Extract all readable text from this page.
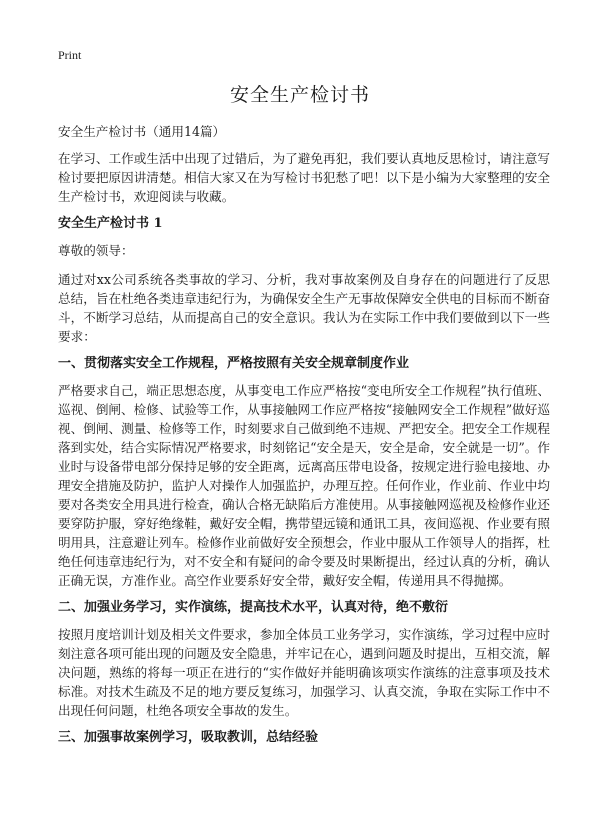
Print
安全生产检讨书

安全生产检讨书（通用14篇）

在学习、工作或生活中出现了过错后，为了避免再犯，我们要认真地反思检讨，请注意写检讨要把原因讲清楚。相信大家又在为写检讨书犯愁了吧！以下是小编为大家整理的安全生产检讨书，欢迎阅读与收藏。

安全生产检讨书 1

尊敬的领导：

通过对xx公司系统各类事故的学习、分析，我对事故案例及自身存在的问题进行了反思总结，旨在杜绝各类违章违纪行为，为确保安全生产无事故保障安全供电的目标而不断奋斗，不断学习总结，从而提高自己的安全意识。我认为在实际工作中我们要做到以下一些要求：

一、贯彻落实安全工作规程，严格按照有关安全规章制度作业

严格要求自己，端正思想态度，从事变电工作应严格按“变电所安全工作规程”执行值班、巡视、倒闸、检修、试验等工作，从事接触网工作应严格按“接触网安全工作规程”做好巡视、倒闸、测量、检修等工作，时刻要求自己做到绝不违规、严把安全。把安全工作规程落到实处，结合实际情况严格要求，时刻铭记“安全是天，安全是命，安全就是一切”。作业时与设备带电部分保持足够的安全距离，远离高压带电设备，按规定进行验电接地、办理安全措施及防护，监护人对操作人加强监护，办理互控。任何作业，作业前、作业中均要对各类安全用具进行检查，确认合格无缺陷后方准使用。从事接触网巡视及检修作业还要穿防护服，穿好绝缘鞋，戴好安全帽，携带望远镜和通讯工具，夜间巡视、作业要有照明用具，注意避让列车。检修作业前做好安全预想会，作业中服从工作领导人的指挥，杜绝任何违章违纪行为，对不安全和有疑问的命令要及时果断提出，经过认真的分析，确认正确无误，方准作业。高空作业要系好安全带，戴好安全帽，传递用具不得抛掷。

二、加强业务学习，实作演练，提高技术水平，认真对待，绝不敷衍

按照月度培训计划及相关文件要求，参加全体员工业务学习，实作演练，学习过程中应时刻注意各项可能出现的问题及安全隐患，并牢记在心，遇到问题及时提出，互相交流，解决问题，熟练的将每一项正在进行的“实作做好并能明确该项实作演练的注意事项及技术标准。对技术生疏及不足的地方要反复练习，加强学习、认真交流，争取在实际工作中不出现任何问题，杜绝各项安全事故的发生。

三、加强事故案例学习，吸取教训，总结经验
